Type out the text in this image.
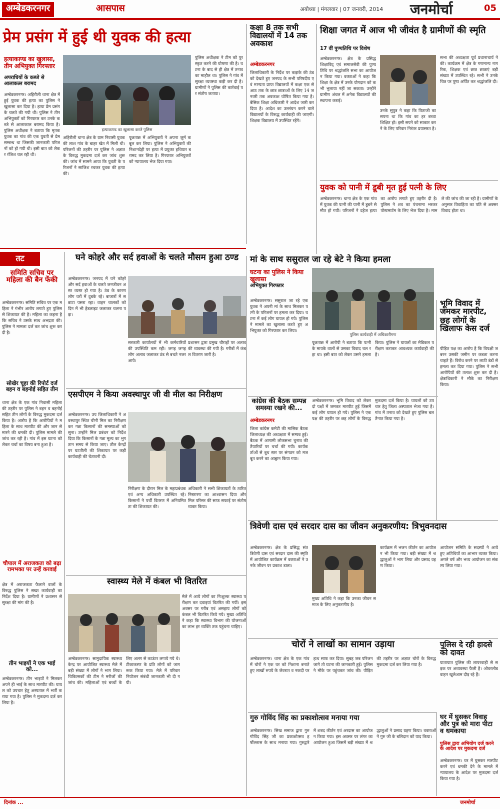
अम्बेडकरनगर	आसपास	अयोध्या | मंगलवार | 07 जनवरी, 2014 जनमोर्चा	05
प्रेम प्रसंग में हुई थी युवक की हत्या
हत्याकाण्ड का खुलासा, तीन अभियुक्त गिरफ्तार
अपराधियों के कब्जे से आलाकत्ल बरामद
अम्बेडकरनगर। अहिरौली थाना क्षेत्र में हुई युवक की हत्या का पुलिस ने खुलासा कर दिया है। हत्या प्रेम प्रसंग के चलते की गयी थी। पुलिस ने तीन अभियुक्तों को गिरफ्तार कर उनके कब्जे से आलाकत्ल बरामद किया है। पुलिस अधीक्षक ने बताया कि मृतक युवक का गांव की एक युवती से प्रेम सम्बन्ध था जिसकी जानकारी परिजनों को हो गयी थी। इसी बात को लेकर रंजिश चल रही थी।
हत्याकाण्ड का खुलासा करते पुलिस
अहिरौली थाना क्षेत्र के ग्राम निवासी युवक की लाश गांव के बाहर खेत में मिली थी। परिजनों की तहरीर पर पुलिस ने अज्ञात के विरुद्ध मुकदमा दर्ज कर जांच शुरू की। जांच में सामने आया कि युवती के परिजनों ने साजिश रचकर युवक की हत्या की।
पूछताछ में अभियुक्तों ने अपना जुर्म कबूल कर लिया। पुलिस ने अभियुक्तों की निशानदेही पर हत्या में प्रयुक्त हथियार बरामद कर लिया है। गिरफ्तार अभियुक्तों को न्यायालय भेज दिया गया।
पुलिस अधीक्षक ने टीम को पुरस्कृत करने की घोषणा की है। घटना के बाद से ही क्षेत्र में तनाव का माहौल था। पुलिस ने गांव में सुरक्षा व्यवस्था कड़ी कर दी है। ग्रामीणों ने पुलिस की कार्रवाई पर संतोष जताया।
कक्षा 8 तक सभी विद्यालयों में 14 तक अवकाश
अम्बेडकरनगर
जिलाधिकारी के निर्देश पर कड़ाके की ठंड को देखते हुए जनपद के सभी परिषदीय एवं मान्यता प्राप्त विद्यालयों में कक्षा एक से आठ तक के छात्र छात्राओं के लिए 14 जनवरी तक अवकाश घोषित किया गया है। बेसिक शिक्षा अधिकारी ने आदेश जारी कर दिया है। आदेश का उल्लंघन करने वाले विद्यालयों के विरुद्ध कार्यवाही की जाएगी। शिक्षक विद्यालय में उपस्थित रहेंगे।
शिक्षा जगत में आज भी जीवंत है ग्रामीणों की स्मृति
17 वीं पुण्यतिथि पर विशेष
अम्बेडकरनगर। क्षेत्र के प्रसिद्ध शिक्षाविद् एवं समाजसेवी की पुण्यतिथि पर श्रद्धांजलि सभा का आयोजन किया गया। वक्ताओं ने कहा कि शिक्षा के क्षेत्र में उनके योगदान को कभी भुलाया नहीं जा सकता। उन्होंने ग्रामीण अंचल में अनेक विद्यालयों की स्थापना कराई।
सभा की अध्यक्षता पूर्व प्रधानाचार्य ने की। कार्यक्रम में क्षेत्र के गणमान्य नागरिक, शिक्षक एवं छात्र छात्राएं बड़ी संख्या में उपस्थित रहे। सभी ने उनके चित्र पर पुष्प अर्पित कर श्रद्धांजलि दी।
उनके सुपुत्र ने कहा कि पिताजी का सपना था कि गांव का हर बच्चा शिक्षित हो। इसी सपने को साकार करने के लिए परिवार निरंतर प्रयासरत है।
युवक को पानी में डूबी मृत हुई पत्नी के लिए
अम्बेडकरनगर। थाना क्षेत्र के एक गांव में युवक की पत्नी की पानी में डूबने से मौत हो गयी। परिजनों ने दहेज हत्या का आरोप लगाते हुए तहरीर दी है। पुलिस ने शव का पंचनामा भरकर पोस्टमार्टम के लिए भेज दिया है। मामले की जांच की जा रही है। ग्रामीणों के अनुसार विवाहिता का पति से अक्सर विवाद होता था।
तट
समिति सचिव पर महिला की बैन फेंकी
अम्बेडकरनगर। समिति सचिव पर एक महिला ने गंभीर आरोप लगाते हुए पुलिस से शिकायत की है। महिला का कहना है कि सचिव ने उसके साथ अभद्रता की। पुलिस ने मामला दर्ज कर जांच शुरू कर दी है।
सोखेर चूहा की रिपोर्ट दर्ज बहन व बहनोई सहित तीन
थाना क्षेत्र के एक गांव निवासी महिला की तहरीर पर पुलिस ने बहन व बहनोई सहित तीन लोगों के विरुद्ध मुकदमा दर्ज किया है। आरोप है कि आरोपियों ने महिला के साथ मारपीट की और जान से मारने की धमकी दी। पुलिस मामले की जांच कर रही है। गांव में इस घटना को लेकर चर्चा का विषय बना हुआ है।
चौपाल में अराजकता को बढ़ा रामभक्त पर उन्हें करवाई
क्षेत्र में अराजकता फैलाने वालों के विरुद्ध पुलिस ने सख्त कार्यवाही का निर्देश दिया है। ग्रामीणों ने प्रशासन से सुरक्षा की मांग की है।
तीन भाइयों ने एक भाई को...
अम्बेडकरनगर। तीन भाइयों ने मिलकर अपने ही भाई के साथ मारपीट की। घायल को उपचार हेतु अस्पताल में भर्ती कराया गया है। पुलिस ने मुकदमा दर्ज कर लिया है।
घने कोहरे और सर्द हवाओं के चलते मौसम हुआ ठण्ड
अम्बेडकरनगर। जनपद में घने कोहरे और सर्द हवाओं के चलते जनजीवन अस्त व्यस्त हो गया है। ठंड के कारण लोग घरों में दुबके रहे। बाजारों में सन्नाटा पसरा रहा। वाहन चालकों को दिन में भी हेडलाइट जलाकर चलना पड़ा।
सरकारी कार्यालयों में भी कर्मचारियों की उपस्थिति कम रही। जगह जगह लोग अलाव जलाकर ठंड से बचते नजर आये।
प्रशासन द्वारा प्रमुख चौराहों पर अलाव की व्यवस्था की गयी है। गरीबों में कंबल वितरण जारी है।
एसपीएम ने किया अवस्थापुर जी वी मील का निरीक्षण
अम्बेडकरनगर। उप जिलाधिकारी ने अवस्थापुर स्थित चीनी मिल का निरीक्षण कर गन्ना किसानों की समस्याओं को सुना। उन्होंने मिल प्रबंधन को निर्देश दिया कि किसानों के गन्ना मूल्य का भुगतान समय से किया जाए। तौल केन्द्रों पर घटतौली की शिकायत पर कड़ी कार्यवाही की चेतावनी दी।
निरीक्षण के दौरान मिल के महाप्रबंधक एवं अन्य अधिकारी उपस्थित रहे। किसानों ने पर्ची वितरण में अनियमितता की शिकायत की।
अधिकारी ने सभी शिकायतों के त्वरित निस्तारण का आश्वासन दिया और मिल परिसर की साफ सफाई पर संतोष व्यक्त किया।
स्वास्थ्य मेले में कंबल भी वितरित
मेले में आये लोगों का निःशुल्क स्वास्थ्य परीक्षण कर दवाइयां वितरित की गयीं। इस अवसर पर गरीब एवं असहाय लोगों को कंबल भी वितरित किये गये। मुख्य अतिथि ने कहा कि स्वास्थ्य विभाग की योजनाओं का लाभ हर व्यक्ति तक पहुंचना चाहिए।
अम्बेडकरनगर। सामुदायिक स्वास्थ्य केन्द्र पर आयोजित स्वास्थ्य मेले में बड़ी संख्या में लोगों ने भाग लिया। चिकित्सकों की टीम ने मरीजों की जांच की। महिलाओं एवं बच्चों के लिए अलग से काउंटर लगाये गये थे। टीकाकरण के प्रति लोगों को जागरूक किया गया। मेले में परिवार नियोजन संबंधी जानकारी भी दी गयी।
मां के साथ ससुराल जा रहे बेटे ने किया हमला
घटना का पुलिस ने किया खुलासा
अभियुक्त गिरफ्तार
अम्बेडकरनगर। ससुराल जा रहे एक युवक ने अपनी मां के साथ मिलकर पत्नी के परिजनों पर हमला कर दिया। घटना में कई लोग घायल हो गये। पुलिस ने मामले का खुलासा करते हुए अभियुक्त को गिरफ्तार कर लिया।
पुलिस कार्यवाही में अधिकारीगण
पूछताछ में आरोपी ने बताया कि पत्नी के मायके वालों से उसका विवाद चल रहा था। इसी बात को लेकर उसने हमला किया। पुलिस ने घायलों का मेडिकल परीक्षण कराकर आवश्यक कार्यवाही की है।
कांग्रेस की बैठक सम्पन्न समस्या रखने की...
अम्बेडकरनगर
जिला कांग्रेस कमेटी की मासिक बैठक जिलाध्यक्ष की अध्यक्षता में सम्पन्न हुई। बैठक में आगामी लोकसभा चुनाव की तैयारियों पर चर्चा की गयी। कार्यकर्ताओं से बूथ स्तर पर संगठन को मजबूत करने का आह्वान किया गया।
अम्बेडकरनगर। भूमि विवाद को लेकर दो पक्षों में जमकर मारपीट हुई जिसमें कई लोग घायल हो गये। पुलिस ने एक पक्ष की तहरीर पर छह लोगों के विरुद्ध मुकदमा दर्ज किया है। घायलों को उपचार हेतु जिला अस्पताल भेजा गया है। गांव में तनाव को देखते हुए पुलिस बल तैनात किया गया है।
भूमि विवाद में जमकर मारपीट, छह लोगों के खिलाफ केस दर्ज
पीड़ित पक्ष का आरोप है कि विपक्षी जबरन उसकी जमीन पर कब्जा करना चाहते हैं। विरोध करने पर लाठी डंडों से हमला कर दिया गया। पुलिस ने सभी आरोपियों की तलाश शुरू कर दी है। क्षेत्राधिकारी ने मौके का निरीक्षण किया।
त्रिवेणी दास एवं सरदार दास का जीवन अनुकरणीय: त्रिभुवनदास
अम्बेडकरनगर। क्षेत्र के प्रसिद्ध संत त्रिवेणी दास एवं सरदार दास की स्मृति में आयोजित कार्यक्रम में वक्ताओं ने उनके जीवन पर प्रकाश डाला।
मुख्य अतिथि ने कहा कि उनका जीवन समाज के लिए अनुकरणीय है।
कार्यक्रम में भजन कीर्तन का आयोजन भी किया गया। बड़ी संख्या में श्रद्धालुओं ने भाग लिया और प्रसाद ग्रहण किया।
आयोजन समिति के सदस्यों ने आये हुए अतिथियों का आभार व्यक्त किया। अगले वर्ष और भव्य आयोजन का संकल्प लिया गया।
चोरों ने लाखों का सामान उड़ाया
अम्बेडकरनगर। थाना क्षेत्र के एक गांव में चोरों ने एक घर को निशाना बनाते हुए लाखों रुपये के जेवरात व नकदी पर हाथ साफ कर दिया। सुबह जब परिजन जागे तो घटना की जानकारी हुई। पुलिस ने मौके पर पहुंचकर जांच की। पीड़ित की तहरीर पर अज्ञात चोरों के विरुद्ध मुकदमा दर्ज कर लिया गया है।
पुलिस दे रही हादसे को दावत
यातायात पुलिस की लापरवाही से सड़क पर अव्यवस्था फैली है। ओवरलोड वाहन खुलेआम दौड़ रहे हैं।
गुरु गोविंद सिंह का प्रकाशोत्सव मनाया गया
अम्बेडकरनगर। सिख समाज द्वारा गुरु गोविंद सिंह जी का प्रकाशोत्सव हर्षोल्लास के साथ मनाया गया। गुरुद्वारे में शबद कीर्तन एवं अरदास का आयोजन किया गया। इस अवसर पर लंगर का आयोजन हुआ जिसमें बड़ी संख्या में श्रद्धालुओं ने प्रसाद ग्रहण किया। वक्ताओं ने गुरु जी के बलिदान को याद किया।
घर में घुसकर विवाह और पुत्र को मारा पीटा व धमकाया
पुलिस द्वारा अभियोग दर्ज करने के आदेश पर मुकदमा दर्ज
अम्बेडकरनगर। घर में घुसकर मारपीट करने एवं धमकी देने के मामले में न्यायालय के आदेश पर मुकदमा दर्ज किया गया है।
दिनांक ...	जनमोर्चा
